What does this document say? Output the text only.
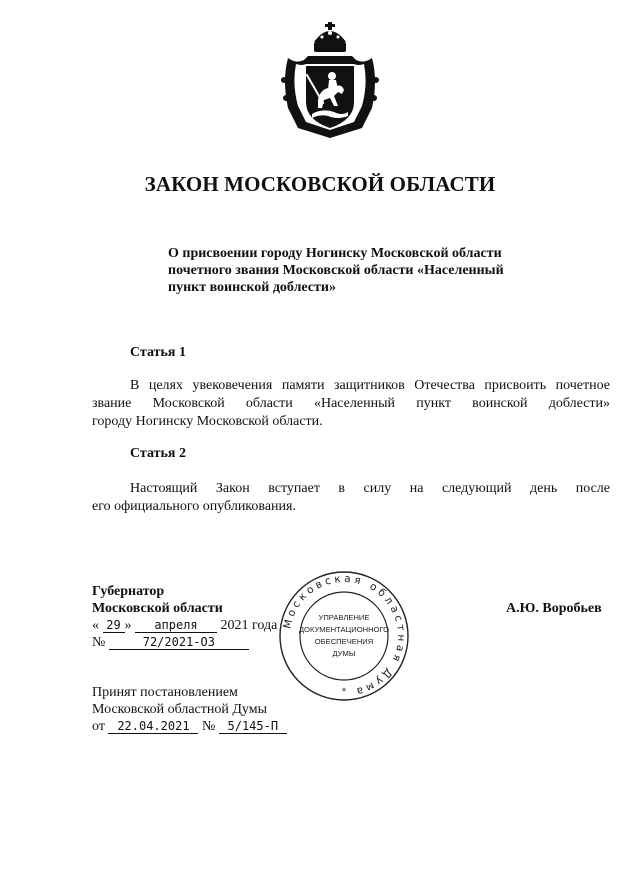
ЗАКОН МОСКОВСКОЙ ОБЛАСТИ
О присвоении городу Ногинску Московской области
почетного звания Московской области «Населенный
пункт воинской доблести»
Статья 1
В целях увековечения памяти защитников Отечества присвоить почетное
звание Московской области «Населенный пункт воинской доблести»
городу Ногинску Московской области.
Статья 2
Настоящий Закон вступает в силу на следующий день после
его официального опубликования.
Губернатор
Московской области	А.Ю. Воробьев
« 29 » апреля 2021 года
№	72/2021-ОЗ
Принят постановлением
Московской областной Думы
от 22.04.2021 № 5/145-П
Московская областная Дума
УПРАВЛЕНИЕ
ДОКУМЕНТАЦИОННОГО
ОБЕСПЕЧЕНИЯ
ДУМЫ
*
